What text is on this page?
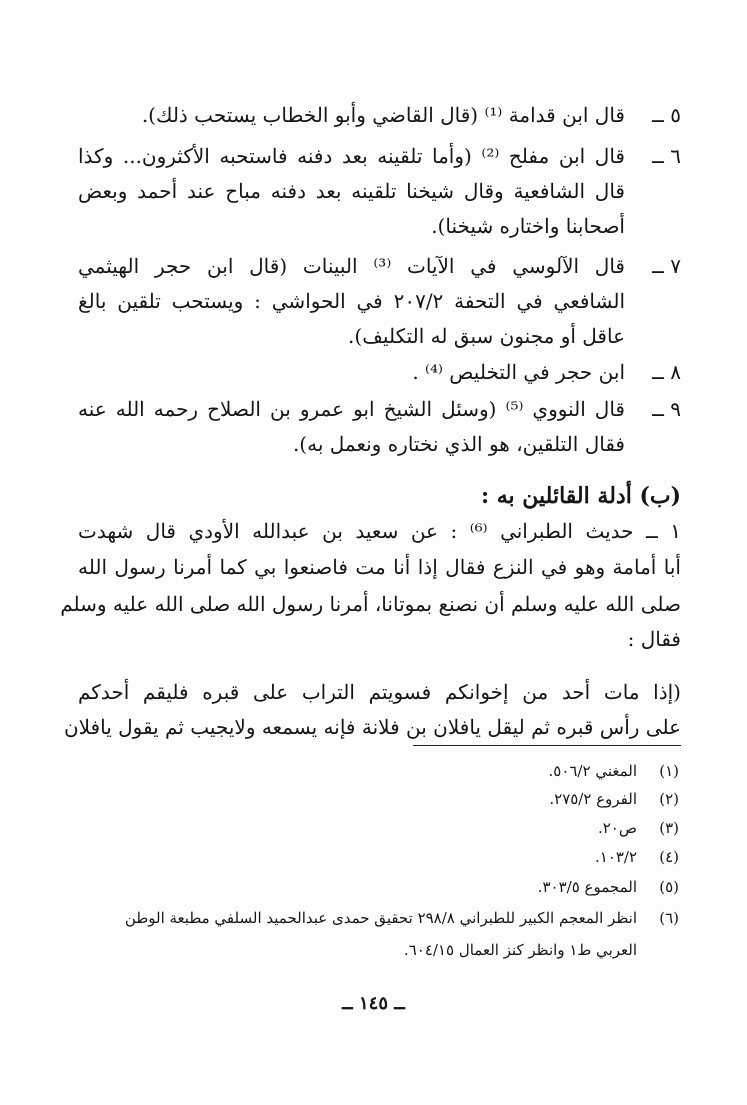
٥ ــ
قال ابن قدامة ⁽¹⁾ (قال القاضي وأبو الخطاب يستحب ذلك).
٦ ــ
قال ابن مفلح ⁽²⁾ (وأما تلقينه بعد دفنه فاستحبه الأكثرون... وكذا
قال الشافعية وقال شيخنا تلقينه بعد دفنه مباح عند أحمد وبعض
أصحابنا واختاره شيخنا).
٧ ــ
قال الآلوسي في الآيات ⁽³⁾ البينات (قال ابن حجر الهيثمي
الشافعي في التحفة ٢٠٧/٢ في الحواشي : ويستحب تلقين بالغ
عاقل أو مجنون سبق له التكليف).
٨ ــ
ابن حجر في التخليص ⁽⁴⁾ .
٩ ــ
قال النووي ⁽⁵⁾ (وسئل الشيخ ابو عمرو بن الصلاح رحمه الله عنه
فقال التلقين، هو الذي نختاره ونعمل به).
(ب) أدلة القائلين به :
١ ــ حديث الطبراني ⁽⁶⁾ : عن سعيد بن عبدالله الأودي قال شهدت
أبا أمامة وهو في النزع فقال إذا أنا مت فاصنعوا بي كما أمرنا رسول الله
صلى الله عليه وسلم أن نصنع بموتانا، أمرنا رسول الله صلى الله عليه وسلم
فقال :
(إذا مات أحد من إخوانكم فسويتم التراب على قبره فليقم أحدكم
على رأس قبره ثم ليقل يافلان بن فلانة فإنه يسمعه ولايجيب ثم يقول يافلان
(١)
المغني ٥٠٦/٢.
(٢)
الفروع ٢٧٥/٢.
(٣)
ص٢٠.
(٤)
١٠٣/٢.
(٥)
المجموع ٣٠٣/٥.
(٦)
انظر المعجم الكبير للطبراني ٢٩٨/٨ تحقيق حمدى عبدالحميد السلفي مطبعة الوطن
العربي ط١ وانظر كنز العمال ٦٠٤/١٥.
ــ ١٤٥ ــ
